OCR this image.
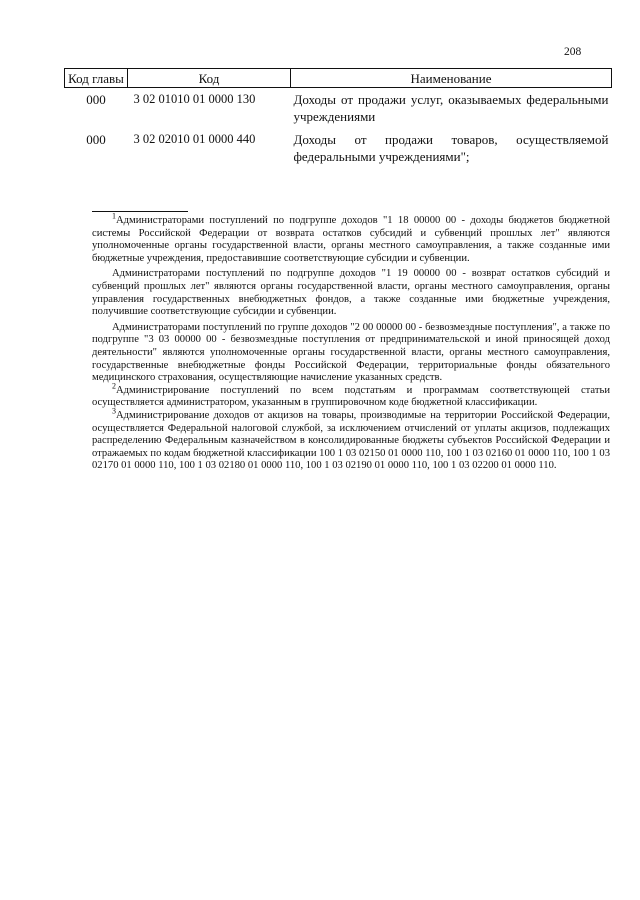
208
Код главы	Код	Наименование
000	3 02 01010 01 0000 130	Доходы от продажи услуг, оказываемых федеральными учреждениями
000	3 02 02010 01 0000 440	Доходы от продажи товаров, осуществляемой федеральными учреждениями";

$^1$Администраторами поступлений по подгруппе доходов "1 18 00000 00 - доходы бюджетов бюджетной системы Российской Федерации от возврата остатков субсидий и субвенций прошлых лет" являются уполномоченные органы государственной власти, органы местного самоуправления, а также созданные ими бюджетные учреждения, предоставившие соответствующие субсидии и субвенции.

Администраторами поступлений по подгруппе доходов "1 19 00000 00 - возврат остатков субсидий и субвенций прошлых лет" являются органы государственной власти, органы местного самоуправления, органы управления государственных внебюджетных фондов, а также созданные ими бюджетные учреждения, получившие соответствующие субсидии и субвенции.

Администраторами поступлений по группе доходов "2 00 00000 00 - безвозмездные поступления", а также по подгруппе "3 03 00000 00 - безвозмездные поступления от предпринимательской и иной приносящей доход деятельности" являются уполномоченные органы государственной власти, органы местного самоуправления, государственные внебюджетные фонды Российской Федерации, территориальные фонды обязательного медицинского страхования, осуществляющие начисление указанных средств.

$^2$Администрирование поступлений по всем подстатьям и программам соответствующей статьи осуществляется администратором, указанным в группировочном коде бюджетной классификации.

$^3$Администрирование доходов от акцизов на товары, производимые на территории Российской Федерации, осуществляется Федеральной налоговой службой, за исключением отчислений от уплаты акцизов, подлежащих распределению Федеральным казначейством в консолидированные бюджеты субъектов Российской Федерации и отражаемых по кодам бюджетной классификации 100 1 03 02150 01 0000 110, 100 1 03 02160 01 0000 110, 100 1 03 02170 01 0000 110, 100 1 03 02180 01 0000 110, 100 1 03 02190 01 0000 110, 100 1 03 02200 01 0000 110.
